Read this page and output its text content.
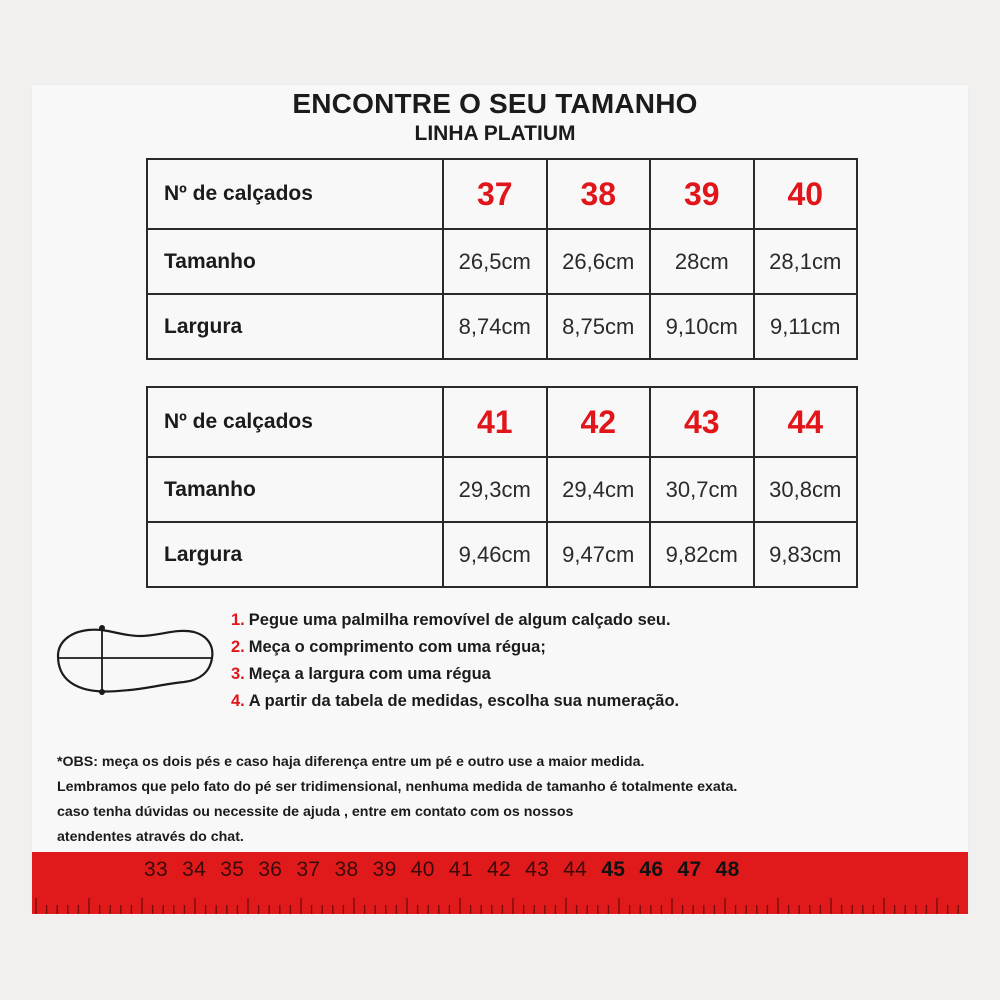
ENCONTRE O SEU TAMANHO
LINHA PLATIUM
Nº de calçados	37	38	39	40
Tamanho	26,5cm	26,6cm	28cm	28,1cm
Largura	8,74cm	8,75cm	9,10cm	9,11cm
Nº de calçados	41	42	43	44
Tamanho	29,3cm	29,4cm	30,7cm	30,8cm
Largura	9,46cm	9,47cm	9,82cm	9,83cm
1. Pegue uma palmilha removível de algum calçado seu.
2. Meça o comprimento com uma régua;
3. Meça a largura com uma régua
4. A partir da tabela de medidas, escolha sua numeração.
*OBS: meça os dois pés e caso haja diferença entre um pé e outro use a maior medida.
Lembramos que pelo fato do pé ser tridimensional, nenhuma medida de tamanho é totalmente exata.
caso tenha dúvidas ou necessite de ajuda , entre em contato com os nossos
atendentes através do chat.
33 34 35 36 37 38 39 40 41 42 43 44 45 46 47 48
